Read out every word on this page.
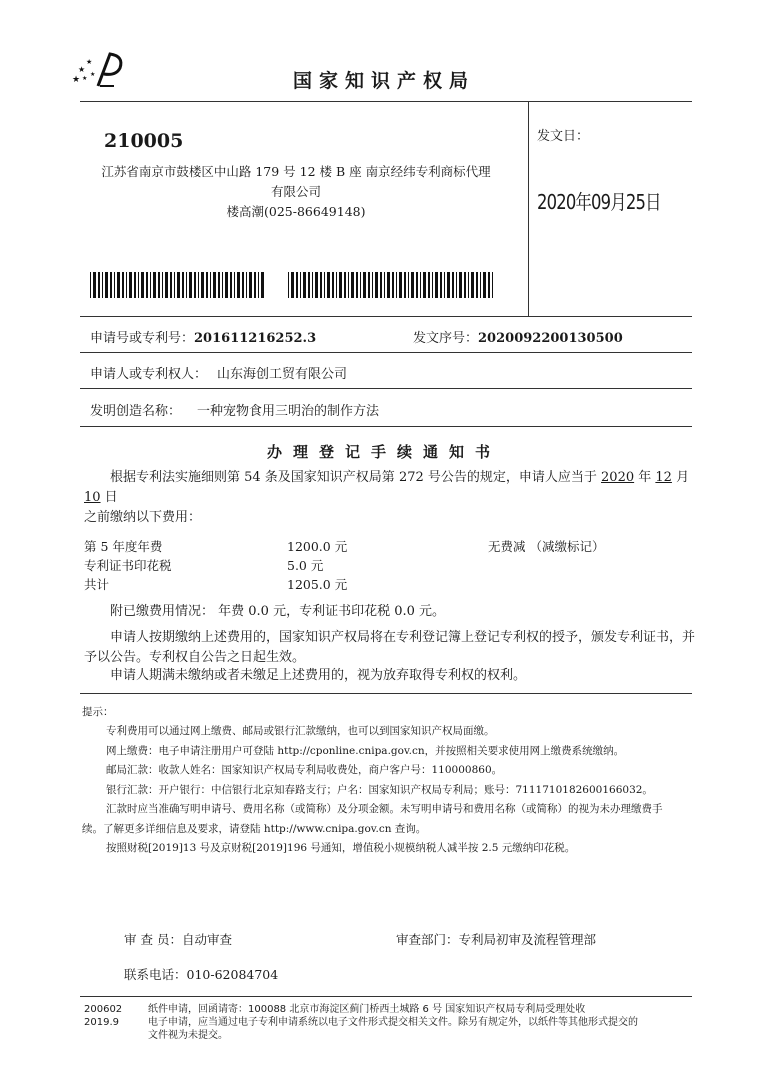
★
★
★
★
★	国家知识产权局
210005
江苏省南京市鼓楼区中山路 179 号 12 楼 B 座 南京经纬专利商标代理
有限公司
楼高潮(025-86649148)
发文日：
2020年09月25日
申请号或专利号：201611216252.3	发文序号：2020092200130500
申请人或专利权人： 山东海创工贸有限公司
发明创造名称： 一种宠物食用三明治的制作方法
办理登记手续通知书
根据专利法实施细则第 54 条及国家知识产权局第 272 号公告的规定，申请人应当于 2020 年 12 月 10 日
之前缴纳以下费用：
第 5 年度年费	1200.0 元	无费减 （减缴标记）
专利证书印花税	5.0 元
共计	1205.0 元
附已缴费用情况： 年费 0.0 元，专利证书印花税 0.0 元。
申请人按期缴纳上述费用的，国家知识产权局将在专利登记簿上登记专利权的授予，颁发专利证书，并
予以公告。专利权自公告之日起生效。
申请人期满未缴纳或者未缴足上述费用的，视为放弃取得专利权的权利。
提示：
专利费用可以通过网上缴费、邮局或银行汇款缴纳，也可以到国家知识产权局面缴。
网上缴费：电子申请注册用户可登陆 http://cponline.cnipa.gov.cn，并按照相关要求使用网上缴费系统缴纳。
邮局汇款：收款人姓名：国家知识产权局专利局收费处，商户客户号：110000860。
银行汇款：开户银行：中信银行北京知春路支行；户名：国家知识产权局专利局；账号：7111710182600166032。
汇款时应当准确写明申请号、费用名称（或简称）及分项金额。未写明申请号和费用名称（或简称）的视为未办理缴费手
续。了解更多详细信息及要求，请登陆 http://www.cnipa.gov.cn 查询。
按照财税[2019]13 号及京财税[2019]196 号通知，增值税小规模纳税人减半按 2.5 元缴纳印花税。
审 查 员：自动审查	审查部门：专利局初审及流程管理部
联系电话：010-62084704
200602
2019.9
纸件申请，回函请寄：100088 北京市海淀区蓟门桥西土城路 6 号 国家知识产权局专利局受理处收
电子申请，应当通过电子专利申请系统以电子文件形式提交相关文件。除另有规定外，以纸件等其他形式提交的
文件视为未提交。
